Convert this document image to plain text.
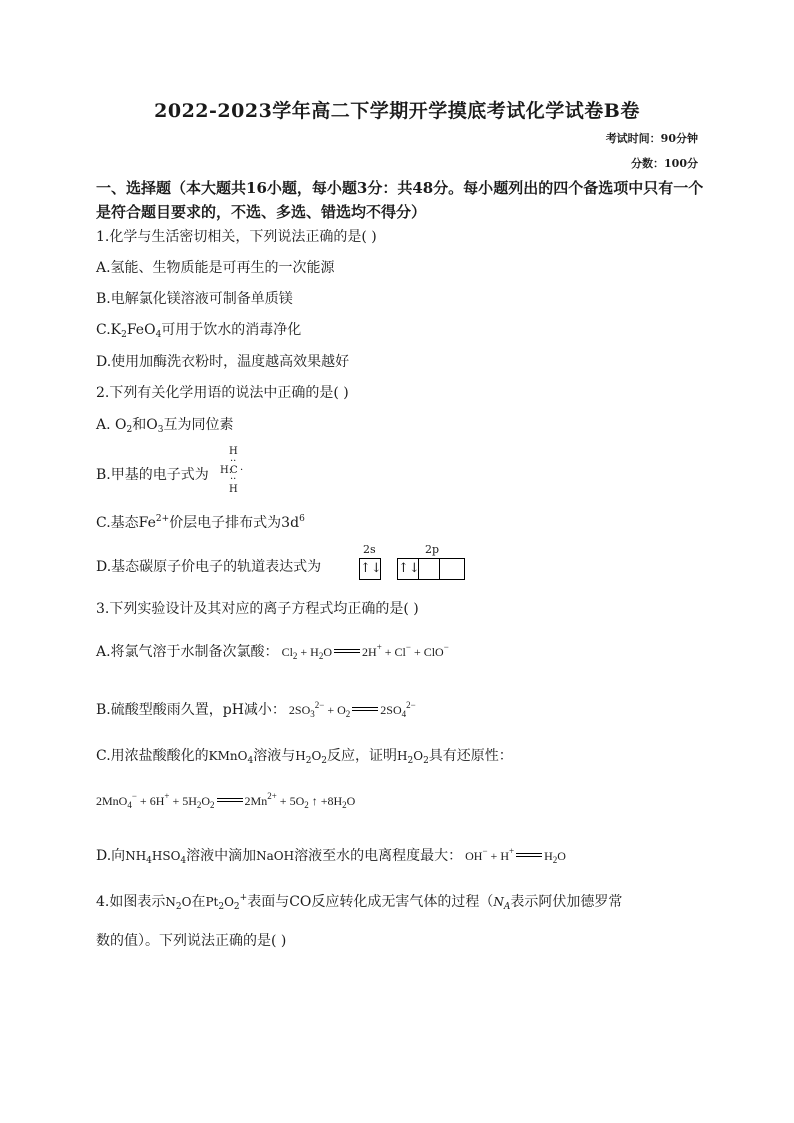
2022-2023学年高二下学期开学摸底考试化学试卷B卷
考试时间：90分钟
分数：100分
一、选择题（本大题共16小题，每小题3分：共48分。每小题列出的四个备选项中只有一个是符合题目要求的，不选、多选、错选均不得分）
1.化学与生活密切相关，下列说法正确的是( )
A.氢能、生物质能是可再生的一次能源
B.电解氯化镁溶液可制备单质镁
$C.K_2FeO_4$可用于饮水的消毒净化
D.使用加酶洗衣粉时，温度越高效果越好
2.下列有关化学用语的说法中正确的是( )
A. $O_2$和$O_3$互为同位素
B.甲基的电子式为
H
··
H:
C ·
··
H
C.基态$Fe^{2+}$价层电子排布式为$3d^6$
D.基态碳原子价电子的轨道表达式为
2s	2p
↑↓ ↑↓
3.下列实验设计及其对应的离子方程式均正确的是( )
A.将氯气溶于水制备次氯酸： $Cl_2 + H_2O$	2H+ + Cl− + ClO−
B.硫酸型酸雨久置，pH减小： $2SO_3^{2-} + O_2$	$2SO_4^{2-}$
C.用浓盐酸酸化的KMnO$_4$溶液与$H_2O_2$反应，证明$H_2O_2$具有还原性：
$2MnO_4^- + 6H^+ + 5H_2O_2$	$2Mn^{2+} + 5O_2$ ↑ $+8H_2O$
D.向$NH_4HSO_4$溶液中滴加NaOH溶液至水的电离程度最大： OH− + H+	$H_2O$
4.如图表示$N_2O$在$Pt_2O_2^+$表面与CO反应转化成无害气体的过程（$N_A$表示阿伏加德罗常
数的值）。下列说法正确的是( )
